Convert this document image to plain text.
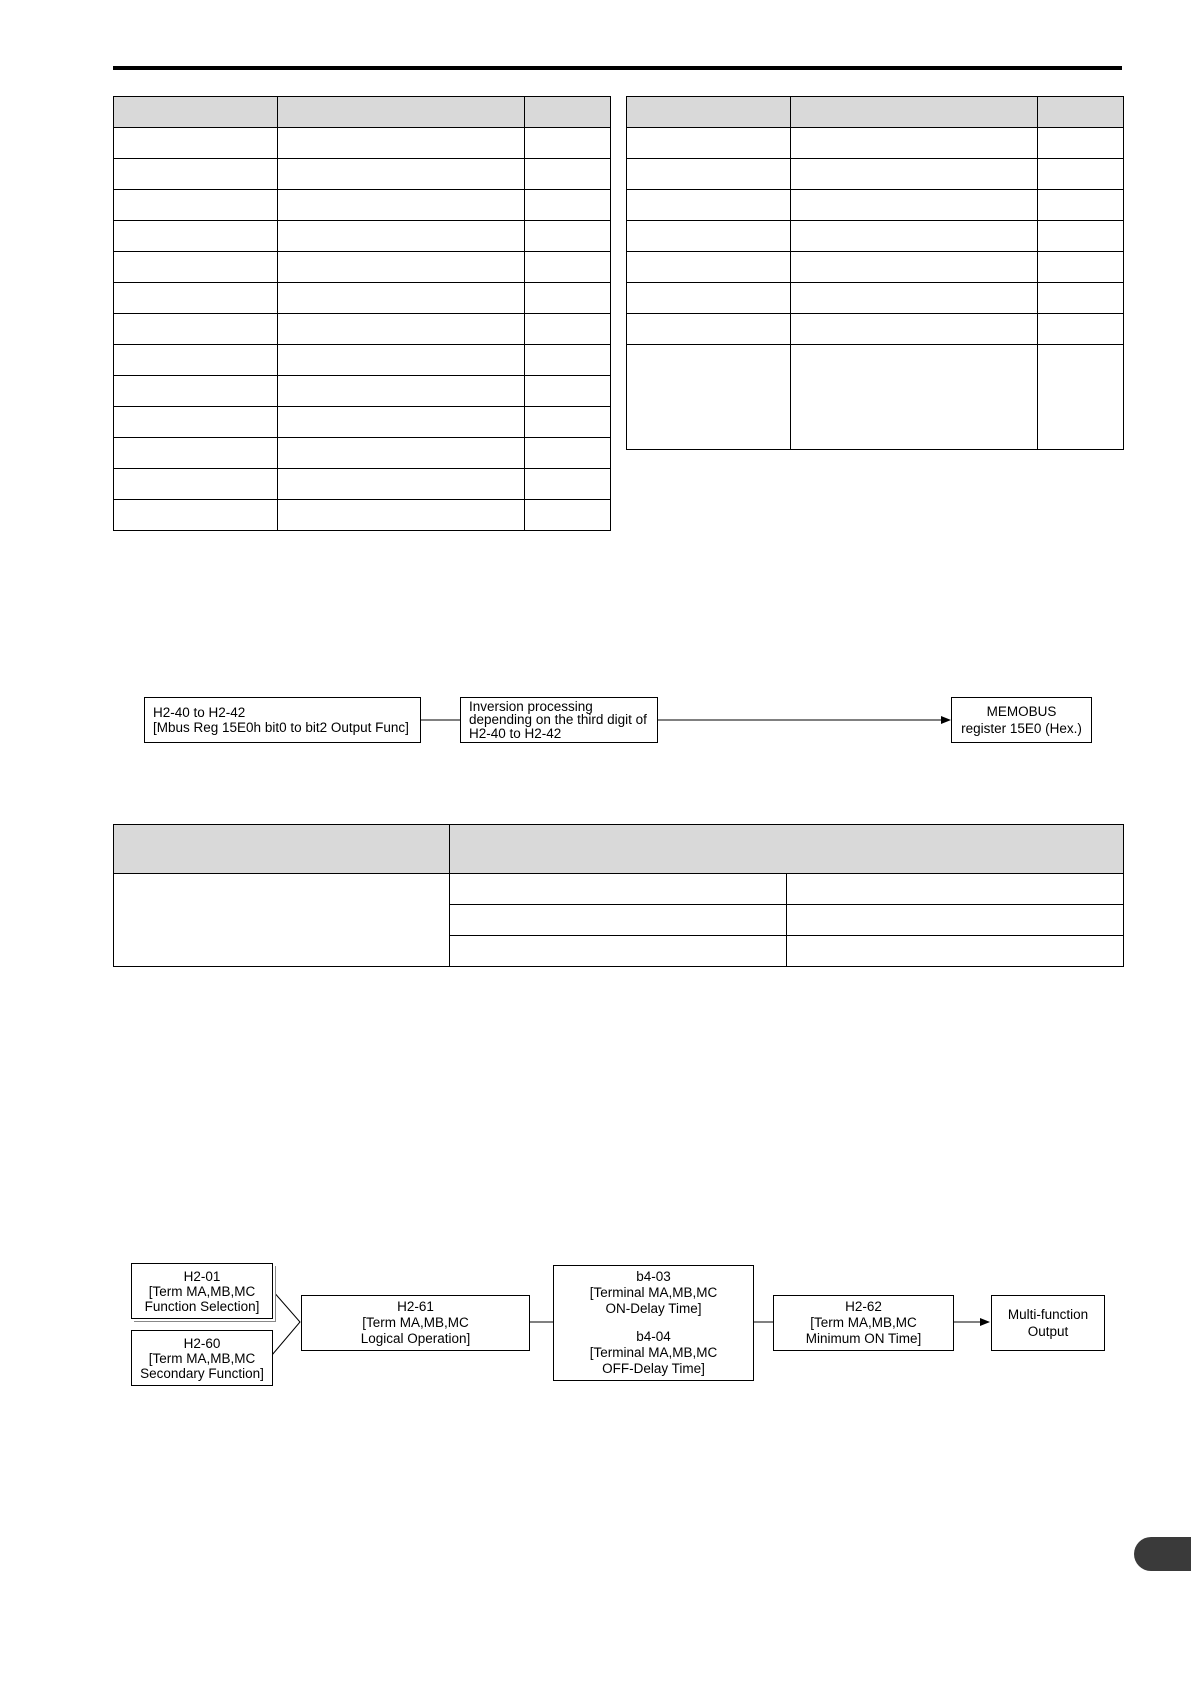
H2-40 to H2-42
[Mbus Reg 15E0h bit0 to bit2 Output Func]
Inversion processing
depending on the third digit of
H2-40 to H2-42
MEMOBUS
register 15E0 (Hex.)

H2-01
[Term MA,MB,MC
Function Selection]
H2-60
[Term MA,MB,MC
Secondary Function]
H2-61
[Term MA,MB,MC
Logical Operation]
b4-03
[Terminal MA,MB,MC
ON-Delay Time]
b4-04
[Terminal MA,MB,MC
OFF-Delay Time]
H2-62
[Term MA,MB,MC
Minimum ON Time]
Multi-function
Output
